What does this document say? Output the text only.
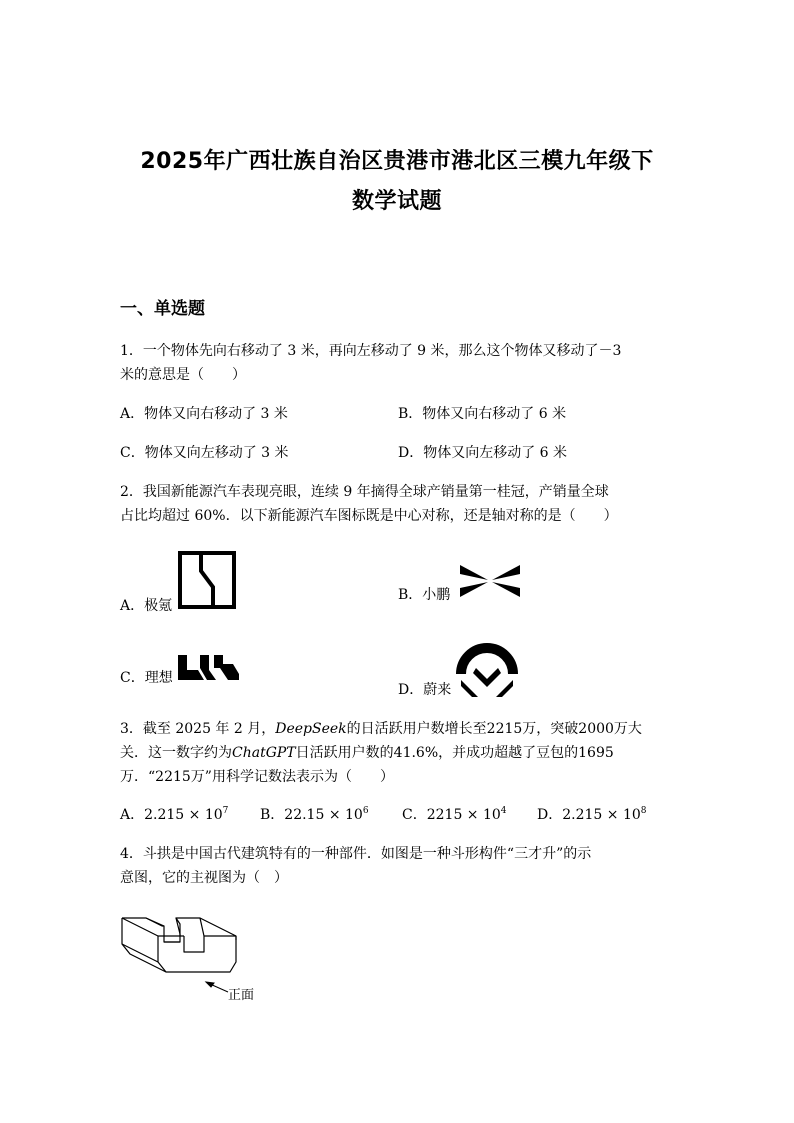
2025年广西壮族自治区贵港市港北区三模九年级下
数学试题
一、单选题
1．一个物体先向右移动了 3 米，再向左移动了 9 米，那么这个物体又移动了－3
米的意思是（　　）
A．物体又向右移动了 3 米	B．物体又向右移动了 6 米
C．物体又向左移动了 3 米	D．物体又向左移动了 6 米
2．我国新能源汽车表现亮眼，连续 9 年摘得全球产销量第一桂冠，产销量全球
占比均超过 60%．以下新能源汽车图标既是中心对称，还是轴对称的是（　　）
A．极氪
B．小鹏
C．理想
D．蔚来
3．截至 2025 年 2 月，DeepSeek的日活跃用户数增长至2215万，突破2000万大
关．这一数字约为ChatGPT日活跃用户数的41.6%，并成功超越了豆包的1695
万．“2215万”用科学记数法表示为（　　）
A．$2.215 \times 10^7$ B．$22.15 \times 10^6$ C．$2215 \times 10^4$ D．$2.215 \times 10^8$
4．斗拱是中国古代建筑特有的一种部件．如图是一种斗形构件“三才升”的示
意图，它的主视图为（　）
正面
